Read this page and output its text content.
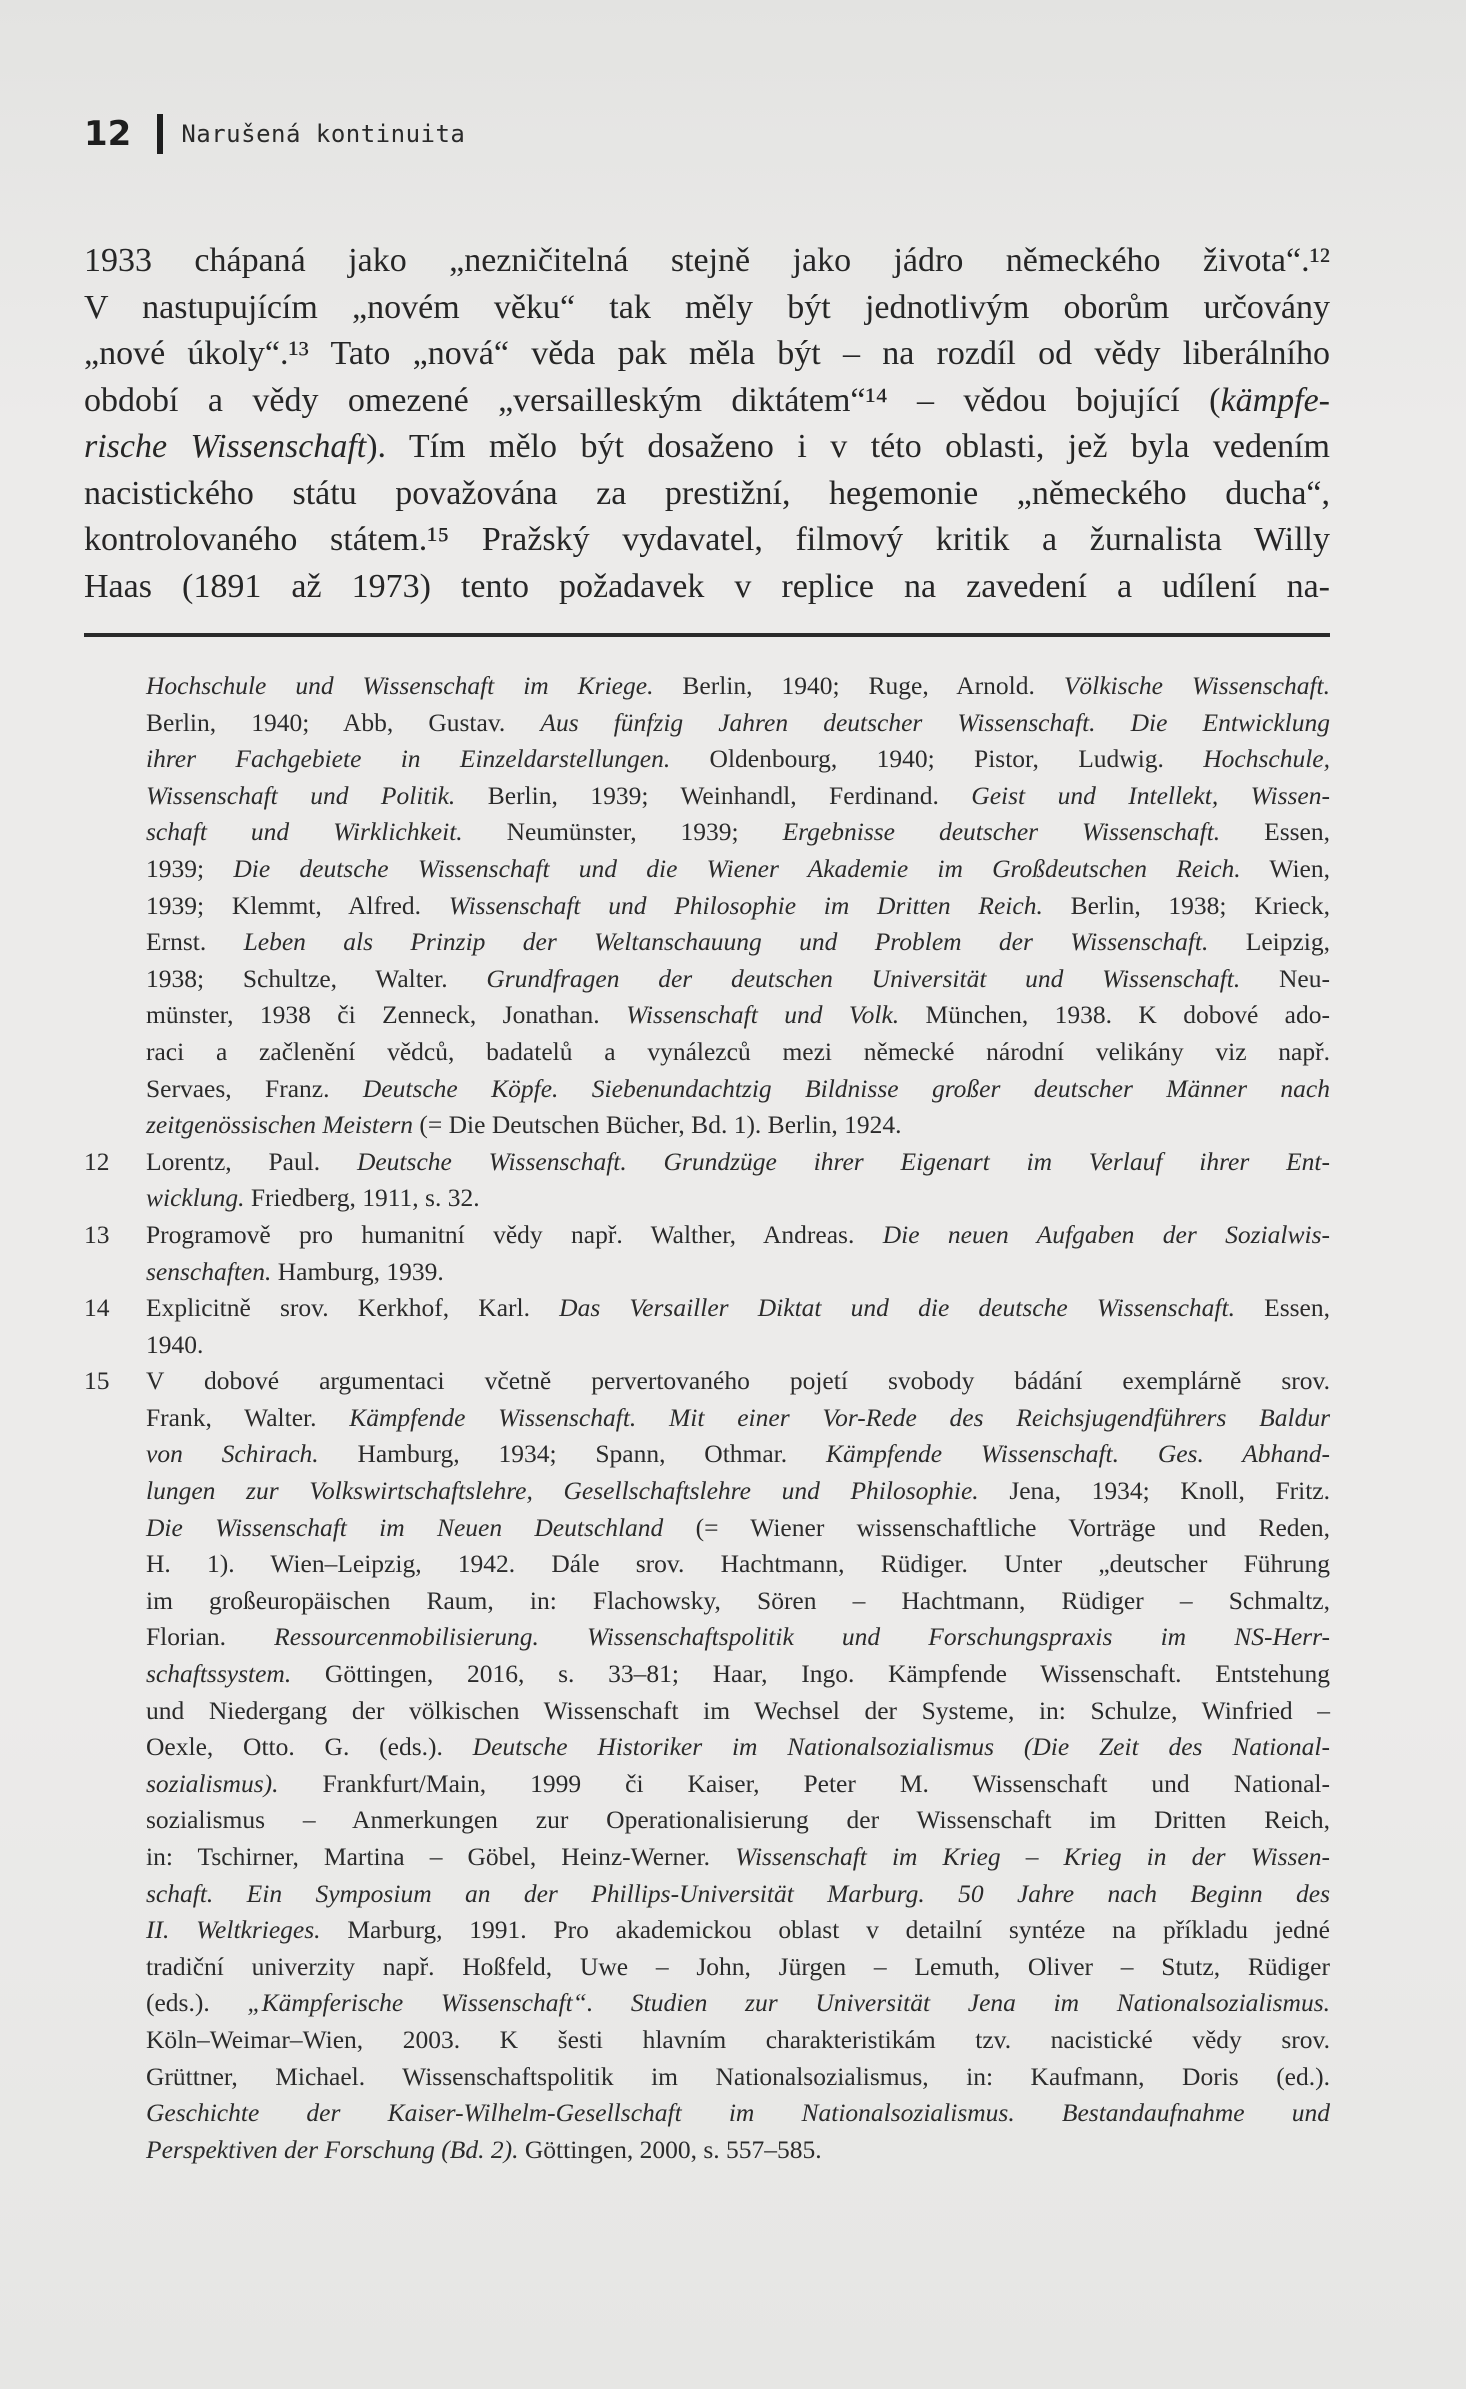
12 Narušená kontinuita
1933 chápaná jako „nezničitelná stejně jako jádro německého života“.¹²
V nastupujícím „novém věku“ tak měly být jednotlivým oborům určovány
„nové úkoly“.¹³ Tato „nová“ věda pak měla být – na rozdíl od vědy liberálního
období a vědy omezené „versailleským diktátem“¹⁴ – vědou bojující (kämpfe-
rische Wissenschaft). Tím mělo být dosaženo i v této oblasti, jež byla vedením
nacistického státu považována za prestižní, hegemonie „německého ducha“,
kontrolovaného státem.¹⁵ Pražský vydavatel, filmový kritik a žurnalista Willy
Haas (1891 až 1973) tento požadavek v replice na zavedení a udílení na-
Hochschule und Wissenschaft im Kriege. Berlin, 1940; Ruge, Arnold. Völkische Wissenschaft.
Berlin, 1940; Abb, Gustav. Aus fünfzig Jahren deutscher Wissenschaft. Die Entwicklung
ihrer Fachgebiete in Einzeldarstellungen. Oldenbourg, 1940; Pistor, Ludwig. Hochschule,
Wissenschaft und Politik. Berlin, 1939; Weinhandl, Ferdinand. Geist und Intellekt, Wissen-
schaft und Wirklichkeit. Neumünster, 1939; Ergebnisse deutscher Wissenschaft. Essen,
1939; Die deutsche Wissenschaft und die Wiener Akademie im Großdeutschen Reich. Wien,
1939; Klemmt, Alfred. Wissenschaft und Philosophie im Dritten Reich. Berlin, 1938; Krieck,
Ernst. Leben als Prinzip der Weltanschauung und Problem der Wissenschaft. Leipzig,
1938; Schultze, Walter. Grundfragen der deutschen Universität und Wissenschaft. Neu-
münster, 1938 či Zenneck, Jonathan. Wissenschaft und Volk. München, 1938. K dobové ado-
raci a začlenění vědců, badatelů a vynálezců mezi německé národní velikány viz např.
Servaes, Franz. Deutsche Köpfe. Siebenundachtzig Bildnisse großer deutscher Männer nach
zeitgenössischen Meistern (= Die Deutschen Bücher, Bd. 1). Berlin, 1924.
12	Lorentz, Paul. Deutsche Wissenschaft. Grundzüge ihrer Eigenart im Verlauf ihrer Ent-
wicklung. Friedberg, 1911, s. 32.
13	Programově pro humanitní vědy např. Walther, Andreas. Die neuen Aufgaben der Sozialwis-
senschaften. Hamburg, 1939.
14	Explicitně srov. Kerkhof, Karl. Das Versailler Diktat und die deutsche Wissenschaft. Essen,
1940.
15	V dobové argumentaci včetně pervertovaného pojetí svobody bádání exemplárně srov.
Frank, Walter. Kämpfende Wissenschaft. Mit einer Vor-Rede des Reichsjugendführers Baldur
von Schirach. Hamburg, 1934; Spann, Othmar. Kämpfende Wissenschaft. Ges. Abhand-
lungen zur Volkswirtschaftslehre, Gesellschaftslehre und Philosophie. Jena, 1934; Knoll, Fritz.
Die Wissenschaft im Neuen Deutschland (= Wiener wissenschaftliche Vorträge und Reden,
H. 1). Wien–Leipzig, 1942. Dále srov. Hachtmann, Rüdiger. Unter „deutscher Führung
im großeuropäischen Raum, in: Flachowsky, Sören – Hachtmann, Rüdiger – Schmaltz,
Florian. Ressourcenmobilisierung. Wissenschaftspolitik und Forschungspraxis im NS-Herr-
schaftssystem. Göttingen, 2016, s. 33–81; Haar, Ingo. Kämpfende Wissenschaft. Entstehung
und Niedergang der völkischen Wissenschaft im Wechsel der Systeme, in: Schulze, Winfried –
Oexle, Otto. G. (eds.). Deutsche Historiker im Nationalsozialismus (Die Zeit des National-
sozialismus). Frankfurt/Main, 1999 či Kaiser, Peter M. Wissenschaft und National-
sozialismus – Anmerkungen zur Operationalisierung der Wissenschaft im Dritten Reich,
in: Tschirner, Martina – Göbel, Heinz-Werner. Wissenschaft im Krieg – Krieg in der Wissen-
schaft. Ein Symposium an der Phillips-Universität Marburg. 50 Jahre nach Beginn des
II. Weltkrieges. Marburg, 1991. Pro akademickou oblast v detailní syntéze na příkladu jedné
tradiční univerzity např. Hoßfeld, Uwe – John, Jürgen – Lemuth, Oliver – Stutz, Rüdiger
(eds.). „Kämpferische Wissenschaft“. Studien zur Universität Jena im Nationalsozialismus.
Köln–Weimar–Wien, 2003. K šesti hlavním charakteristikám tzv. nacistické vědy srov.
Grüttner, Michael. Wissenschaftspolitik im Nationalsozialismus, in: Kaufmann, Doris (ed.).
Geschichte der Kaiser-Wilhelm-Gesellschaft im Nationalsozialismus. Bestandaufnahme und
Perspektiven der Forschung (Bd. 2). Göttingen, 2000, s. 557–585.
